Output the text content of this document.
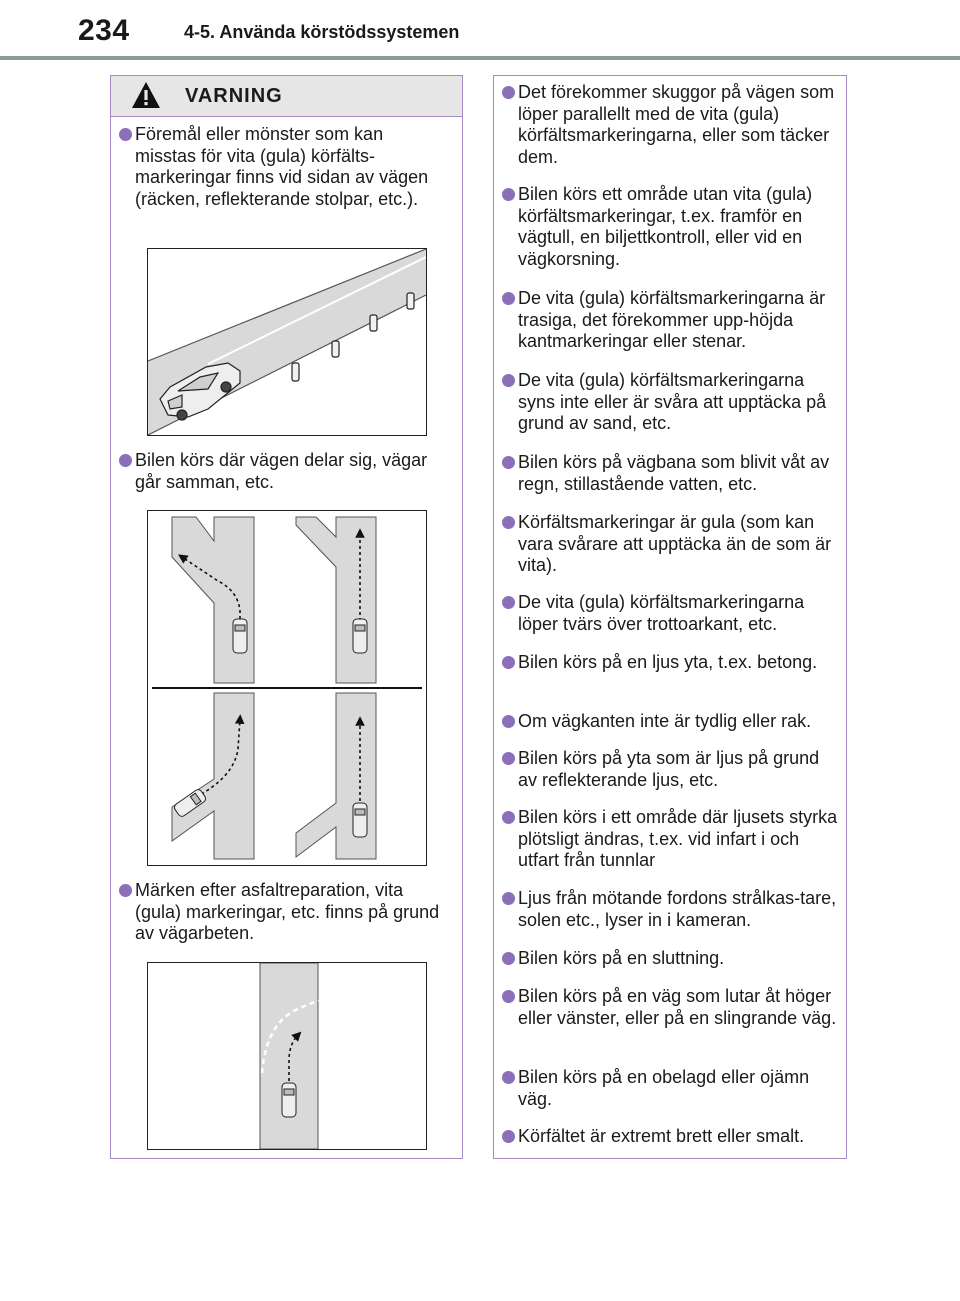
234	4-5. Använda körstödssystemen
VARNING
Föremål eller mönster som kan misstas för vita (gula) körfälts-markeringar finns vid sidan av vägen (räcken, reflekterande stolpar, etc.).
Bilen körs där vägen delar sig, vägar går samman, etc.
Märken efter asfaltreparation, vita (gula) markeringar, etc. finns på grund av vägarbeten.
Det förekommer skuggor på vägen som löper parallellt med de vita (gula) körfältsmarkeringarna, eller som täcker dem.
Bilen körs ett område utan vita (gula) körfältsmarkeringar, t.ex. framför en vägtull, en biljettkontroll, eller vid en vägkorsning.
De vita (gula) körfältsmarkeringarna är trasiga, det förekommer upp-höjda kantmarkeringar eller stenar.
De vita (gula) körfältsmarkeringarna syns inte eller är svåra att upptäcka på grund av sand, etc.
Bilen körs på vägbana som blivit våt av regn, stillastående vatten, etc.
Körfältsmarkeringar är gula (som kan vara svårare att upptäcka än de som är vita).
De vita (gula) körfältsmarkeringarna löper tvärs över trottoarkant, etc.
Bilen körs på en ljus yta, t.ex. betong.
Om vägkanten inte är tydlig eller rak.
Bilen körs på yta som är ljus på grund av reflekterande ljus, etc.
Bilen körs i ett område där ljusets styrka plötsligt ändras, t.ex. vid infart i och utfart från tunnlar
Ljus från mötande fordons strålkas-tare, solen etc., lyser in i kameran.
Bilen körs på en sluttning.
Bilen körs på en väg som lutar åt höger eller vänster, eller på en slingrande väg.
Bilen körs på en obelagd eller ojämn väg.
Körfältet är extremt brett eller smalt.
